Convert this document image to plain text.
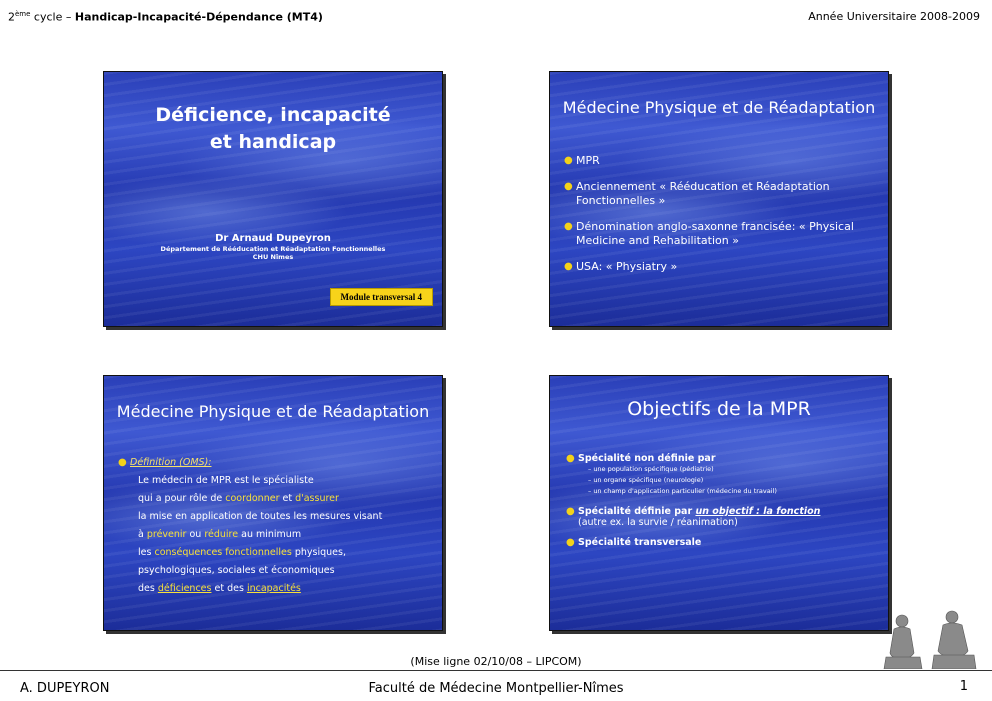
2ème cycle – Handicap-Incapacité-Dépendance (MT4)	Année Universitaire 2008-2009
Déficience, incapacité
et handicap
Dr Arnaud Dupeyron
Département de Rééducation et Réadaptation Fonctionnelles
CHU Nîmes
Module transversal 4
Médecine Physique et de Réadaptation
● MPR
● Anciennement « Rééducation et Réadaptation Fonctionnelles »
● Dénomination anglo-saxonne francisée: « Physical Medicine and Rehabilitation »
● USA: « Physiatry »
Médecine Physique et de Réadaptation
● Définition (OMS):
Le médecin de MPR est le spécialiste
qui a pour rôle de coordonner et d'assurer
la mise en application de toutes les mesures visant
à prévenir ou réduire au minimum
les conséquences fonctionnelles physiques,
psychologiques, sociales et économiques
des déficiences et des incapacités
Objectifs de la MPR
● Spécialité non définie par
– une population spécifique (pédiatrie)
– un organe spécifique (neurologie)
– un champ d'application particulier (médecine du travail)
● Spécialité définie par un objectif : la fonction
(autre ex. la survie / réanimation)
● Spécialité transversale
(Mise ligne 02/10/08 – LIPCOM)
A. DUPEYRON	Faculté de Médecine Montpellier-Nîmes	1
